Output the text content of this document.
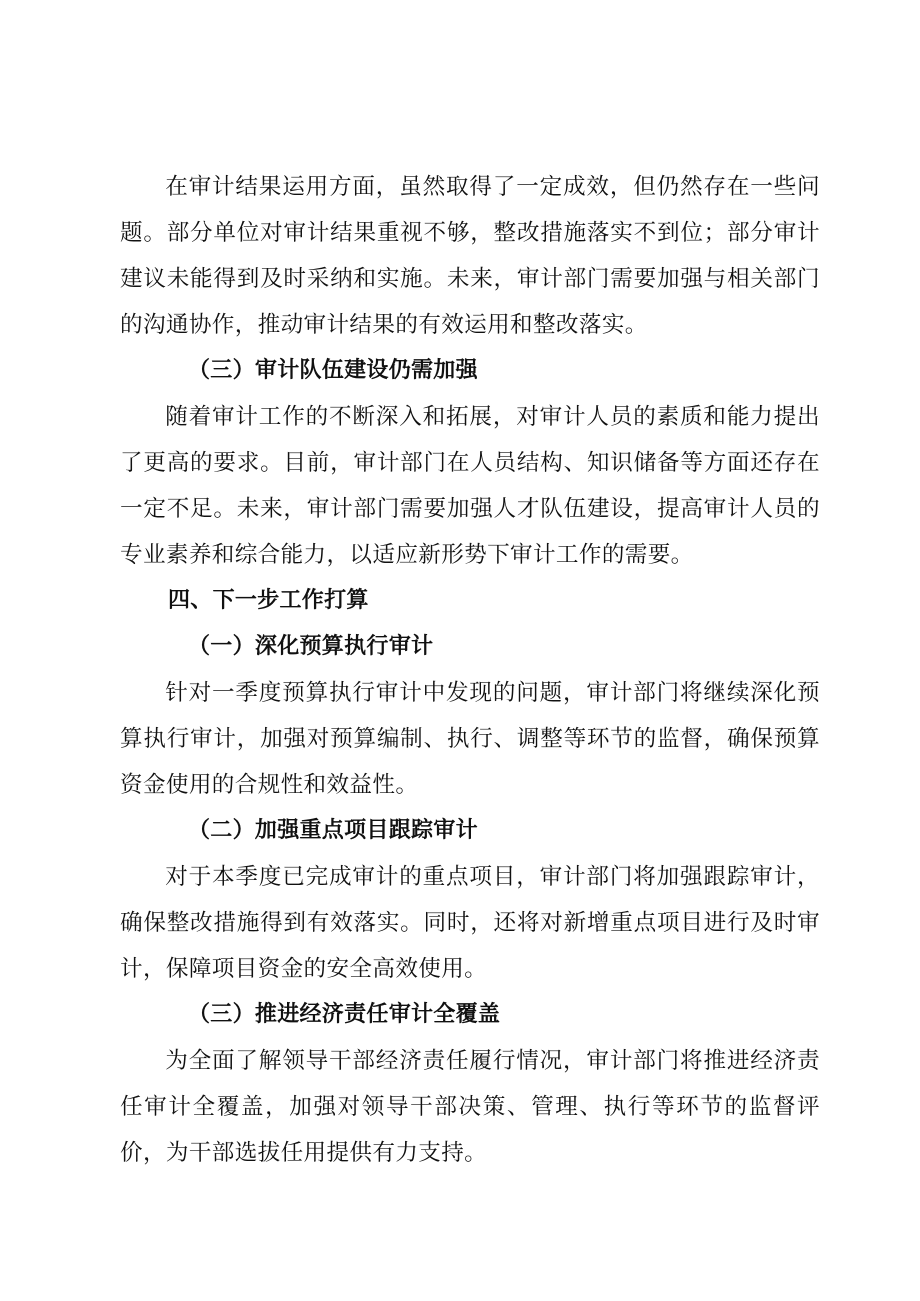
在审计结果运用方面，虽然取得了一定成效，但仍然存在一些问题。部分单位对审计结果重视不够，整改措施落实不到位；部分审计建议未能得到及时采纳和实施。未来，审计部门需要加强与相关部门的沟通协作，推动审计结果的有效运用和整改落实。

（三）审计队伍建设仍需加强

随着审计工作的不断深入和拓展，对审计人员的素质和能力提出了更高的要求。目前，审计部门在人员结构、知识储备等方面还存在一定不足。未来，审计部门需要加强人才队伍建设，提高审计人员的专业素养和综合能力，以适应新形势下审计工作的需要。

四、下一步工作打算

（一）深化预算执行审计

针对一季度预算执行审计中发现的问题，审计部门将继续深化预算执行审计，加强对预算编制、执行、调整等环节的监督，确保预算资金使用的合规性和效益性。

（二）加强重点项目跟踪审计

对于本季度已完成审计的重点项目，审计部门将加强跟踪审计，确保整改措施得到有效落实。同时，还将对新增重点项目进行及时审计，保障项目资金的安全高效使用。

（三）推进经济责任审计全覆盖

为全面了解领导干部经济责任履行情况，审计部门将推进经济责任审计全覆盖，加强对领导干部决策、管理、执行等环节的监督评价，为干部选拔任用提供有力支持。
